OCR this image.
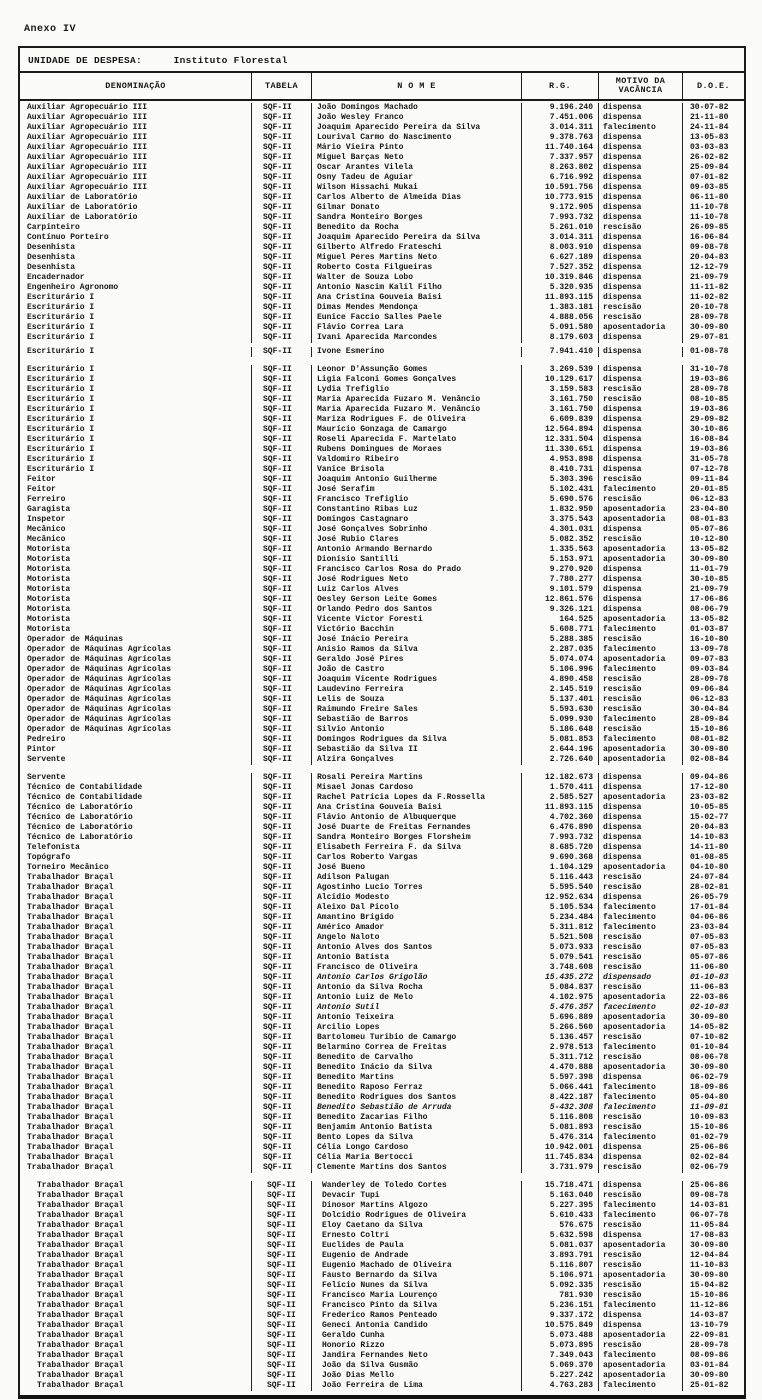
Anexo IV
UNIDADE DE DESPESA:	Instituto Florestal
DENOMINAÇÃO	TABELA	N O M E	R.G.	MOTIVO DA VACÂNCIA	D.O.E.
Auxiliar Agropecuário III	SQF-II	João Domingos Machado	9.196.240	dispensa	30-07-82
Auxiliar Agropecuário III	SQF-II	João Wesley Franco	7.451.006	dispensa	21-11-80
Auxiliar Agropecuário III	SQF-II	Joaquim Aparecido Pereira da Silva	3.014.311	falecimento	24-11-84
Auxiliar Agropecuário III	SQF-II	Lourival Carmo do Nascimento	9.378.763	dispensa	13-05-83
Auxiliar Agropecuário III	SQF-II	Mário Vieira Pinto	11.740.164	dispensa	03-03-83
Auxiliar Agropecuário III	SQF-II	Miguel Barças Neto	7.337.957	dispensa	26-02-82
Auxiliar Agropecuário III	SQF-II	Oscar Arantes Vilela	8.263.802	dispensa	25-09-84
Auxiliar Agropecuário III	SQF-II	Osny Tadeu de Aguiar	6.716.992	dispensa	07-01-82
Auxiliar Agropecuário III	SQF-II	Wilson Hissachi Mukai	10.591.756	dispensa	09-03-85
Auxiliar de Laboratório	SQF-II	Carlos Alberto de Almeida Dias	10.773.915	dispensa	06-11-80
Auxiliar de Laboratório	SQF-II	Gilmar Donato	9.172.905	dispensa	11-10-78
Auxiliar de Laboratório	SQF-II	Sandra Monteiro Borges	7.993.732	dispensa	11-10-78
Carpinteiro	SQF-II	Benedito da Rocha	5.261.010	rescisão	26-09-85
Contínuo Porteiro	SQF-II	Joaquim Aparecido Pereira da Silva	3.014.311	dispensa	16-06-84
Desenhista	SQF-II	Gilberto Alfredo Frateschi	8.003.910	dispensa	09-08-78
Desenhista	SQF-II	Miguel Peres Martins Neto	6.627.189	dispensa	20-04-83
Desenhista	SQF-II	Roberto Costa Filgueiras	7.527.352	dispensa	12-12-79
Encadernador	SQF-II	Walter de Souza Lobo	10.319.846	dispensa	21-09-79
Engenheiro Agronomo	SQF-II	Antonio Nascim Kalil Filho	5.320.935	dispensa	11-11-82
Escriturário I	SQF-II	Ana Cristina Gouveia Baisi	11.893.115	dispensa	11-02-82
Escriturário I	SQF-II	Dimas Mendes Mendonça	1.383.181	rescisão	20-10-78
Escriturário I	SQF-II	Eunice Faccio Salles Paele	4.888.056	rescisão	28-09-78
Escriturário I	SQF-II	Flávio Correa Lara	5.091.580	aposentadoria	30-09-80
Escriturário I	SQF-II	Ivani Aparecida Marcondes	8.179.603	dispensa	29-07-81
Escriturário I	SQF-II	Ivone Esmerino	7.941.410	dispensa	01-08-78
Escriturário I	SQF-II	Leonor D'Assunção Gomes	3.269.539	dispensa	31-10-78
Escriturário I	SQF-II	Ligia Falconi Gomes Gonçalves	10.129.617	dispensa	19-03-86
Escriturário I	SQF-II	Lydia Trefiglio	3.159.583	rescisão	28-09-78
Escriturário I	SQF-II	Maria Aparecida Fuzaro M. Venâncio	3.161.750	rescisão	08-10-85
Escriturário I	SQF-II	Maria Aparecida Fuzaro M. Venâncio	3.161.750	dispensa	19-03-86
Escriturário I	SQF-II	Mariza Rodrigues F. de Oliveira	6.609.839	dispensa	29-09-82
Escriturário I	SQF-II	Maurício Gonzaga de Camargo	12.564.894	dispensa	30-10-86
Escriturário I	SQF-II	Roseli Aparecida F. Martelato	12.331.504	dispensa	16-08-84
Escriturário I	SQF-II	Rubens Domingues de Moraes	11.330.651	dispensa	19-03-86
Escriturário I	SQF-II	Valdomiro Ribeiro	4.953.898	dispensa	31-05-78
Escriturário I	SQF-II	Vanice Brisola	8.410.731	dispensa	07-12-78
Feitor	SQF-II	Joaquim Antonio Guilherme	5.303.396	rescisão	09-11-84
Feitor	SQF-II	José Serafim	5.102.431	falecimento	20-01-85
Ferreiro	SQF-II	Francisco Trefiglio	5.690.576	rescisão	06-12-83
Garagista	SQF-II	Constantino Ribas Luz	1.832.950	aposentadoria	23-04-80
Inspetor	SQF-II	Domingos Castagnaro	3.375.543	aposentadoria	08-01-83
Mecânico	SQF-II	José Gonçalves Sobrinho	4.301.031	dispensa	05-07-86
Mecânico	SQF-II	José Rubio Clares	5.082.352	rescisão	10-12-80
Motorista	SQF-II	Antonio Armando Bernardo	1.335.563	aposentadoria	13-05-82
Motorista	SQF-II	Dionísio Santilli	5.153.971	aposentadoria	30-09-80
Motorista	SQF-II	Francisco Carlos Rosa do Prado	9.270.920	dispensa	11-01-79
Motorista	SQF-II	José Rodrigues Neto	7.780.277	dispensa	30-10-85
Motorista	SQF-II	Luiz Carlos Alves	9.101.579	dispensa	21-09-79
Motorista	SQF-II	Oesley Gerson Leite Gomes	12.861.576	dispensa	17-06-86
Motorista	SQF-II	Orlando Pedro dos Santos	9.326.121	dispensa	08-06-79
Motorista	SQF-II	Vicente Victor Foresti	164.525	aposentadoria	13-05-82
Motorista	SQF-II	Victório Bacchin	5.608.771	falecimento	01-03-87
Operador de Máquinas	SQF-II	José Inácio Pereira	5.288.385	rescisão	16-10-80
Operador de Máquinas Agrícolas	SQF-II	Anisio Ramos da Silva	2.287.035	falecimento	13-09-78
Operador de Máquinas Agrícolas	SQF-II	Geraldo José Pires	5.074.074	aposentadoria	09-07-83
Operador de Máquinas Agrícolas	SQF-II	João de Castro	5.106.996	falecimento	09-03-84
Operador de Máquinas Agrícolas	SQF-II	Joaquim Vicente Rodrigues	4.890.458	rescisão	28-09-78
Operador de Máquinas Agrícolas	SQF-II	Laudevino Ferreira	2.145.519	rescisão	09-06-84
Operador de Máquinas Agrícolas	SQF-II	Lelis de Souza	5.137.401	rescisão	06-12-83
Operador de Máquinas Agrícolas	SQF-II	Raimundo Freire Sales	5.593.630	rescisão	30-04-84
Operador de Máquinas Agrícolas	SQF-II	Sebastião de Barros	5.099.930	falecimento	28-09-84
Operador de Máquinas Agrícolas	SQF-II	Silvio Antonio	5.186.648	rescisão	15-10-86
Pedreiro	SQF-II	Domingos Rodrigues da Silva	5.081.853	falecimento	08-01-82
Pintor	SQF-II	Sebastião da Silva II	2.644.196	aposentadoria	30-09-80
Servente	SQF-II	Alzira Gonçalves	2.726.640	aposentadoria	02-08-84
Servente	SQF-II	Rosali Pereira Martins	12.182.673	dispensa	09-04-86
Técnico de Contabilidade	SQF-II	Misael Jonas Cardoso	1.570.411	dispensa	17-12-80
Técnico de Contabilidade	SQF-II	Rachel Patrícia Lopes da F.Rossella	2.585.527	aposentadoria	23-03-82
Técnico de Laboratório	SQF-II	Ana Cristina Gouveia Baisi	11.893.115	dispensa	10-05-85
Técnico de Laboratório	SQF-II	Flávio Antonio de Albuquerque	4.702.360	dispensa	15-02-77
Técnico de Laboratório	SQF-II	José Duarte de Freitas Fernandes	6.476.890	dispensa	20-04-83
Técnico de Laboratório	SQF-II	Sandra Monteiro Borges Florsheim	7.993.732	dispensa	14-10-83
Telefonista	SQF-II	Elisabeth Ferreira F. da Silva	8.685.720	dispensa	14-11-80
Topógrafo	SQF-II	Carlos Roberto Vargas	9.690.368	dispensa	01-08-85
Torneiro Mecânico	SQF-II	José Bueno	1.104.129	aposentadoria	04-10-80
Trabalhador Braçal	SQF-II	Adilson Palugan	5.116.443	rescisão	24-07-84
Trabalhador Braçal	SQF-II	Agostinho Lucio Torres	5.595.540	rescisão	28-02-81
Trabalhador Braçal	SQF-II	Alcidio Modesto	12.952.634	dispensa	26-05-79
Trabalhador Braçal	SQF-II	Aleixo Dal Picolo	5.105.534	falecimento	17-01-84
Trabalhador Braçal	SQF-II	Amantino Brigido	5.234.484	falecimento	04-06-86
Trabalhador Braçal	SQF-II	Américo Amador	5.311.812	falecimento	23-03-84
Trabalhador Braçal	SQF-II	Angelo Naloto	5.521.508	rescisão	07-05-83
Trabalhador Braçal	SQF-II	Antonio Alves dos Santos	5.073.933	rescisão	07-05-83
Trabalhador Braçal	SQF-II	Antonio Batista	5.079.541	rescisão	05-07-86
Trabalhador Braçal	SQF-II	Francisco de Oliveira	3.748.608	rescisão	11-06-80
Trabalhador Braçal	SQF-II	Antonio Carlos Grigolão	15.435.272	dispensado	01-10-83
Trabalhador Braçal	SQF-II	Antonio da Silva Rocha	5.084.837	rescisão	11-06-83
Trabalhador Braçal	SQF-II	Antonio Luiz de Melo	4.102.975	aposentadoria	22-03-86
Trabalhador Braçal	SQF-II	Antonio Sutil	5.476.357	facecimento	02-10-83
Trabalhador Braçal	SQF-II	Antonio Teixeira	5.696.889	aposentadoria	30-09-80
Trabalhador Braçal	SQF-II	Arcilio Lopes	5.266.560	aposentadoria	14-05-82
Trabalhador Braçal	SQF-II	Bartolomeu Turibio de Camargo	5.136.457	rescisão	07-10-82
Trabalhador Braçal	SQF-II	Belarmino Correa de Freitas	2.978.513	falecimento	01-10-84
Trabalhador Braçal	SQF-II	Benedito de Carvalho	5.311.712	rescisão	08-06-78
Trabalhador Braçal	SQF-II	Benedito Inácio da Silva	4.470.888	aposentadoria	30-09-80
Trabalhador Braçal	SQF-II	Benedito Martins	5.597.398	dispensa	06-02-79
Trabalhador Braçal	SQF-II	Benedito Raposo Ferraz	5.066.441	falecimento	18-09-86
Trabalhador Braçal	SQF-II	Benedito Rodrigues dos Santos	8.422.187	falecimento	05-04-80
Trabalhador Braçal	SQF-II	Benedito Sebastião de Arruda	5-432.308	falecimento	11-09-81
Trabalhador Braçal	SQF-II	Benedito Zacarias Filho	5.116.808	rescisão	10-09-83
Trabalhador Braçal	SQF-II	Benjamim Antonio Batista	5.081.893	rescisão	15-10-86
Trabalhador Braçal	SQF-II	Bento Lopes da Silva	5.476.314	falecimento	01-02-79
Trabalhador Braçal	SQF-II	Célia Longo Cardoso	10.942.001	dispensa	25-06-86
Trabalhador Braçal	SQF-II	Célia Maria Bertocci	11.745.834	dispensa	02-02-84
Trabalhador Braçal	SQF-II	Clemente Martins dos Santos	3.731.979	rescisão	02-06-79
Trabalhador Braçal	SQF-II	Wanderley de Toledo Cortes	15.718.471	dispensa	25-06-86
Trabalhador Braçal	SQF-II	Devacir Tupi	5.163.040	rescisão	09-08-78
Trabalhador Braçal	SQF-II	Dinosor Martins Algozo	5.227.395	falecimento	14-03-81
Trabalhador Braçal	SQF-II	Dolcidio Rodrigues de Oliveira	5.610.433	falecimento	06-07-78
Trabalhador Braçal	SQF-II	Eloy Caetano da Silva	576.675	rescisão	11-05-84
Trabalhador Braçal	SQF-II	Ernesto Coltri	5.632.598	dispensa	17-08-83
Trabalhador Braçal	SQF-II	Euclides de Paula	5.081.037	aposentadoria	30-09-80
Trabalhador Braçal	SQF-II	Eugenio de Andrade	3.893.791	rescisão	12-04-84
Trabalhador Braçal	SQF-II	Eugenio Machado de Oliveira	5.116.807	rescisão	11-10-83
Trabalhador Braçal	SQF-II	Fausto Bernardo da Silva	5.106.971	aposentadoria	30-09-80
Trabalhador Braçal	SQF-II	Felício Nunes da Silva	5.092.335	rescisão	15-04-82
Trabalhador Braçal	SQF-II	Francisco Maria Lourenço	781.930	rescisão	15-10-86
Trabalhador Braçal	SQF-II	Francisco Pinto da Silva	5.236.151	falecimento	11-12-86
Trabalhador Braçal	SQF-II	Frederico Ramos Penteado	9.337.172	dispensa	14-03-87
Trabalhador Braçal	SQF-II	Geneci Antonia Candido	10.575.849	dispensa	13-10-79
Trabalhador Braçal	SQF-II	Geraldo Cunha	5.073.488	aposentadoria	22-09-81
Trabalhador Braçal	SQF-II	Honorio Rizzo	5.073.895	rescisão	28-09-78
Trabalhador Braçal	SQF-II	Jandira Fernandes Neto	7.349.043	falecimento	08-09-86
Trabalhador Braçal	SQF-II	João da Silva Gusmão	5.069.370	aposentadoria	03-01-84
Trabalhador Braçal	SQF-II	João Dias Mello	5.227.242	aposentadoria	30-09-80
Trabalhador Braçal	SQF-II	João Ferreira de Lima	4.763.283	falecimento	25-01-82
